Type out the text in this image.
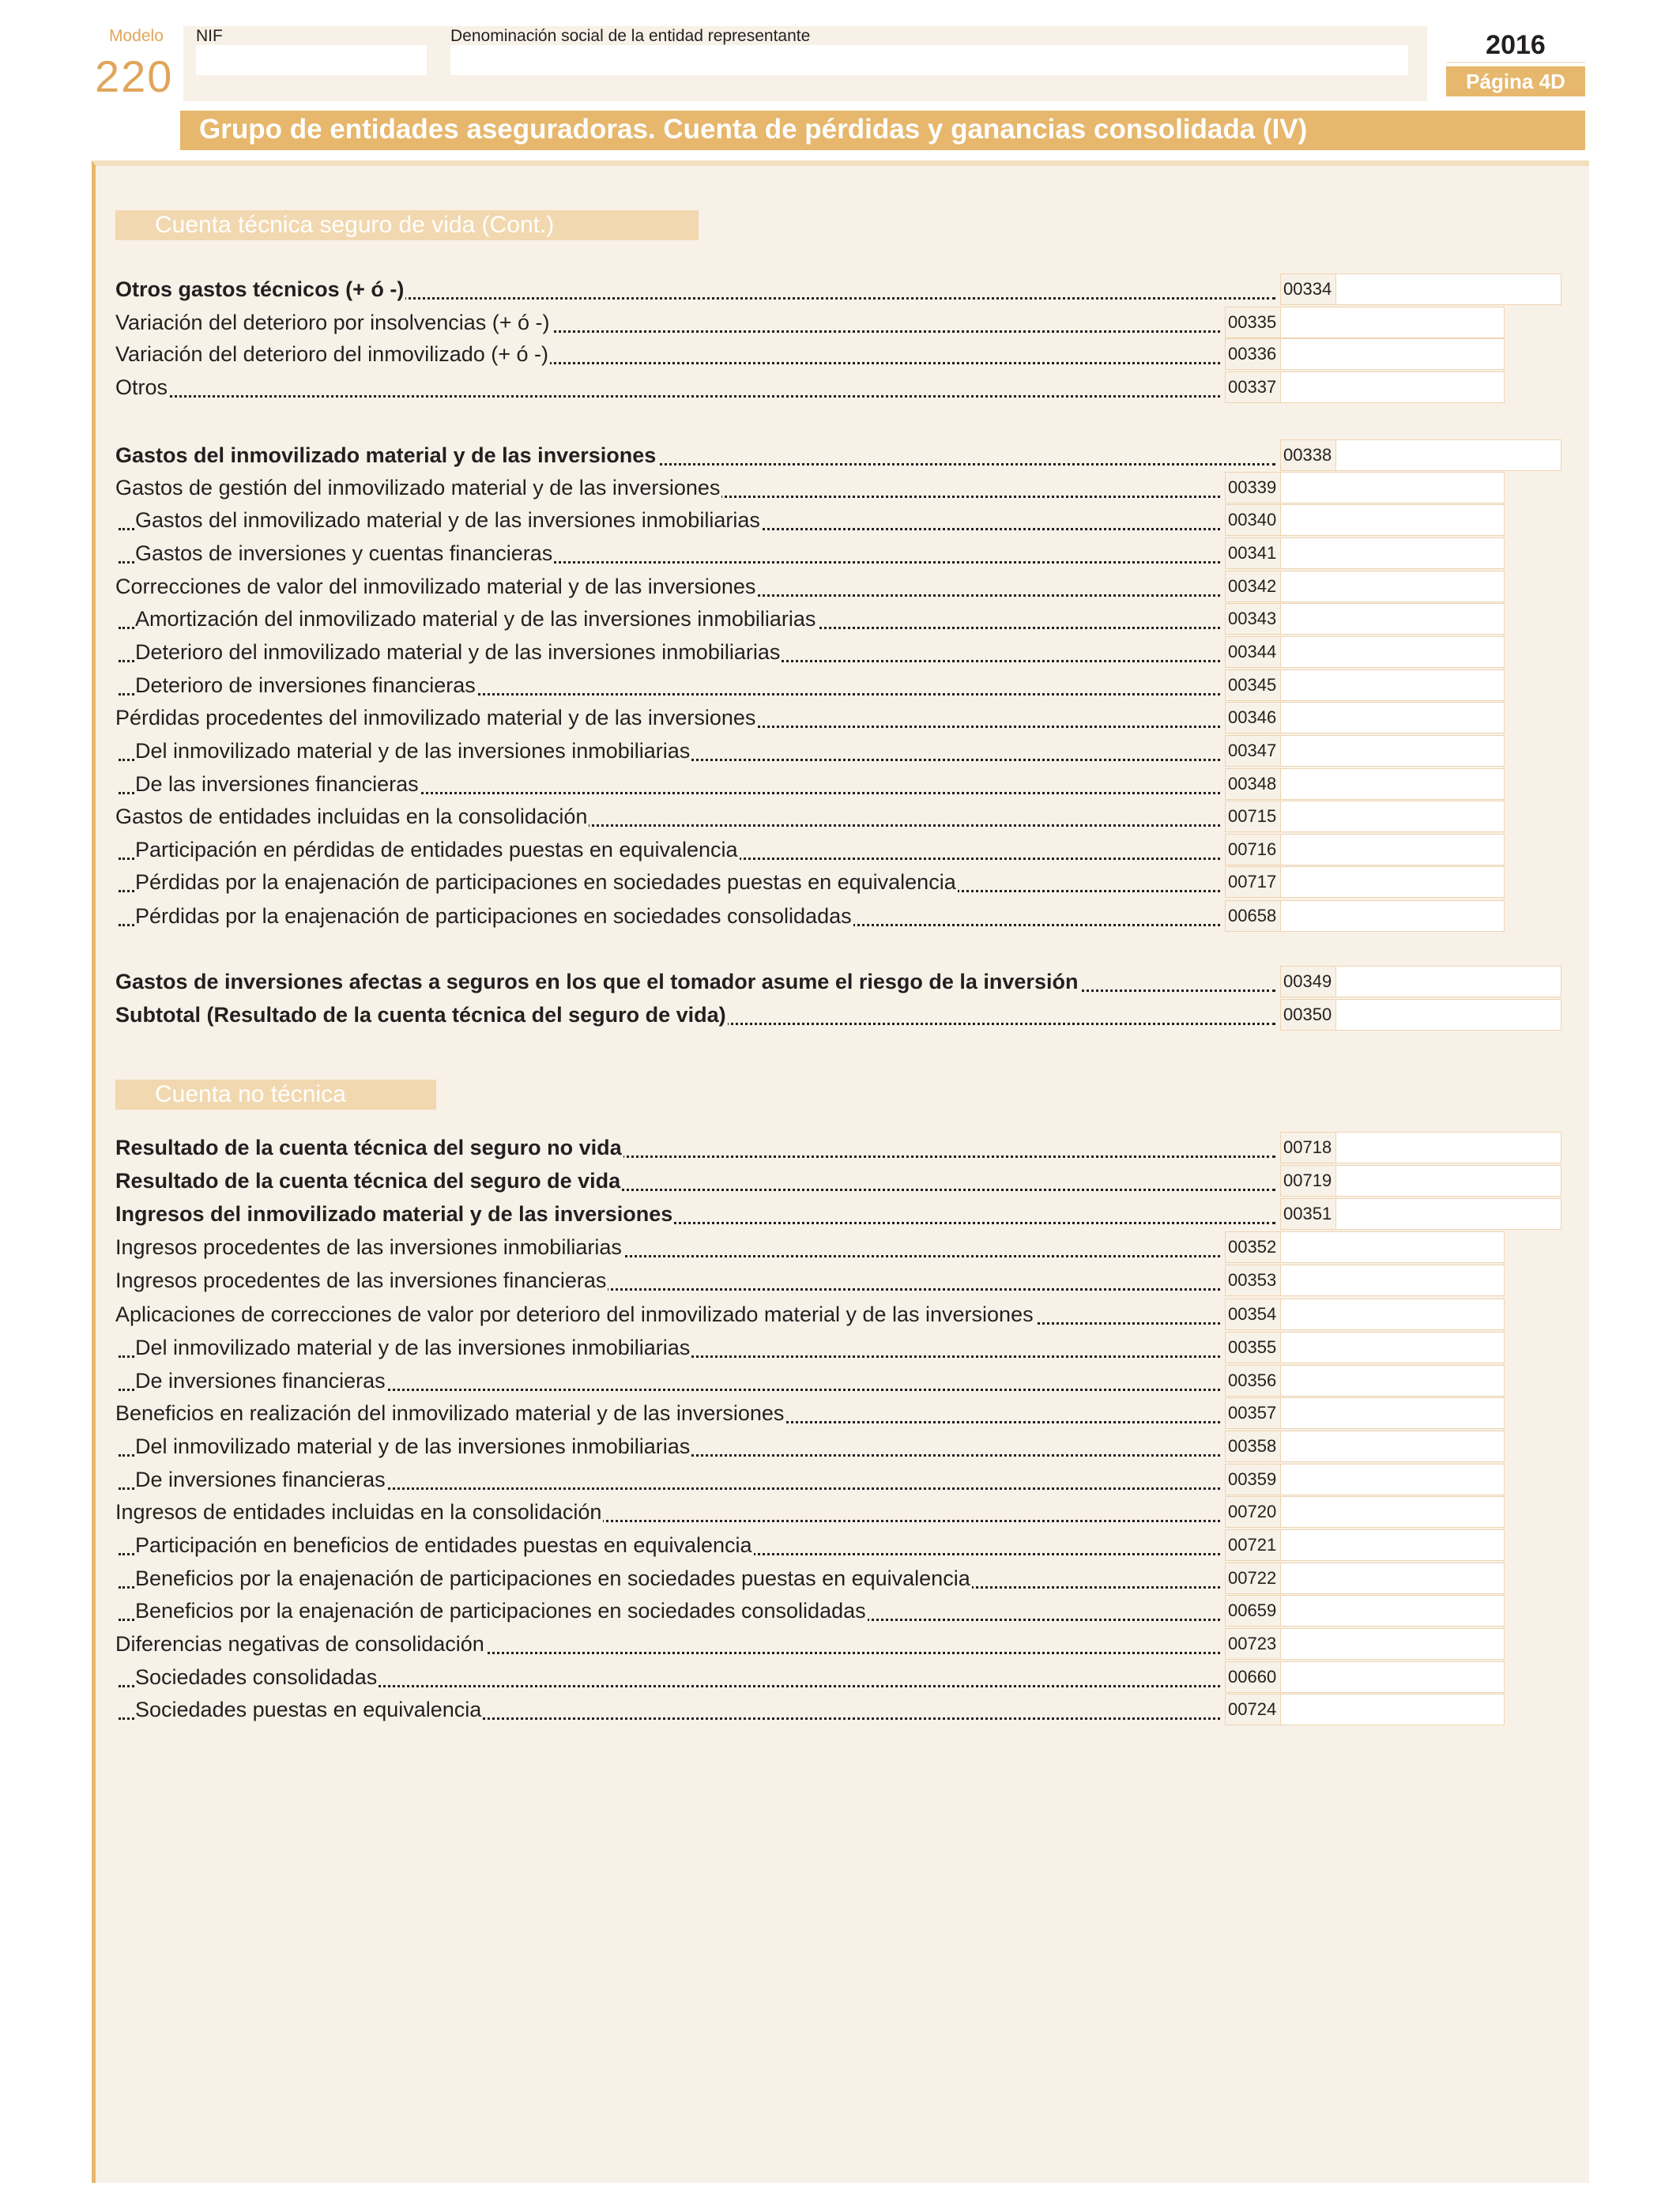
Modelo
220
NIF	Denominación social de la entidad representante	2016
Página 4D
Grupo de entidades aseguradoras. Cuenta de pérdidas y ganancias consolidada (IV)
Cuenta técnica seguro de vida (Cont.)
Cuenta no técnica
Otros gastos técnicos (+ ó -)	00334
Variación del deterioro por insolvencias (+ ó -)	00335
Variación del deterioro del inmovilizado (+ ó -)	00336
Otros	00337
Gastos del inmovilizado material y de las inversiones	00338
Gastos de gestión del inmovilizado material y de las inversiones	00339
Gastos del inmovilizado material y de las inversiones inmobiliarias	00340
Gastos de inversiones y cuentas financieras	00341
Correcciones de valor del inmovilizado material y de las inversiones	00342
Amortización del inmovilizado material y de las inversiones inmobiliarias	00343
Deterioro del inmovilizado material y de las inversiones inmobiliarias	00344
Deterioro de inversiones financieras	00345
Pérdidas procedentes del inmovilizado material y de las inversiones	00346
Del inmovilizado material y de las inversiones inmobiliarias	00347
De las inversiones financieras	00348
Gastos de entidades incluidas en la consolidación	00715
Participación en pérdidas de entidades puestas en equivalencia	00716
Pérdidas por la enajenación de participaciones en sociedades puestas en equivalencia	00717
Pérdidas por la enajenación de participaciones en sociedades consolidadas	00658
Gastos de inversiones afectas a seguros en los que el tomador asume el riesgo de la inversión	00349
Subtotal (Resultado de la cuenta técnica del seguro de vida)	00350
Resultado de la cuenta técnica del seguro no vida	00718
Resultado de la cuenta técnica del seguro de vida	00719
Ingresos del inmovilizado material y de las inversiones	00351
Ingresos procedentes de las inversiones inmobiliarias	00352
Ingresos procedentes de las inversiones financieras	00353
Aplicaciones de correcciones de valor por deterioro del inmovilizado material y de las inversiones	00354
Del inmovilizado material y de las inversiones inmobiliarias	00355
De inversiones financieras	00356
Beneficios en realización del inmovilizado material y de las inversiones	00357
Del inmovilizado material y de las inversiones inmobiliarias	00358
De inversiones financieras	00359
Ingresos de entidades incluidas en la consolidación	00720
Participación en beneficios de entidades puestas en equivalencia	00721
Beneficios por la enajenación de participaciones en sociedades puestas en equivalencia	00722
Beneficios por la enajenación de participaciones en sociedades consolidadas	00659
Diferencias negativas de consolidación	00723
Sociedades consolidadas	00660
Sociedades puestas en equivalencia	00724
